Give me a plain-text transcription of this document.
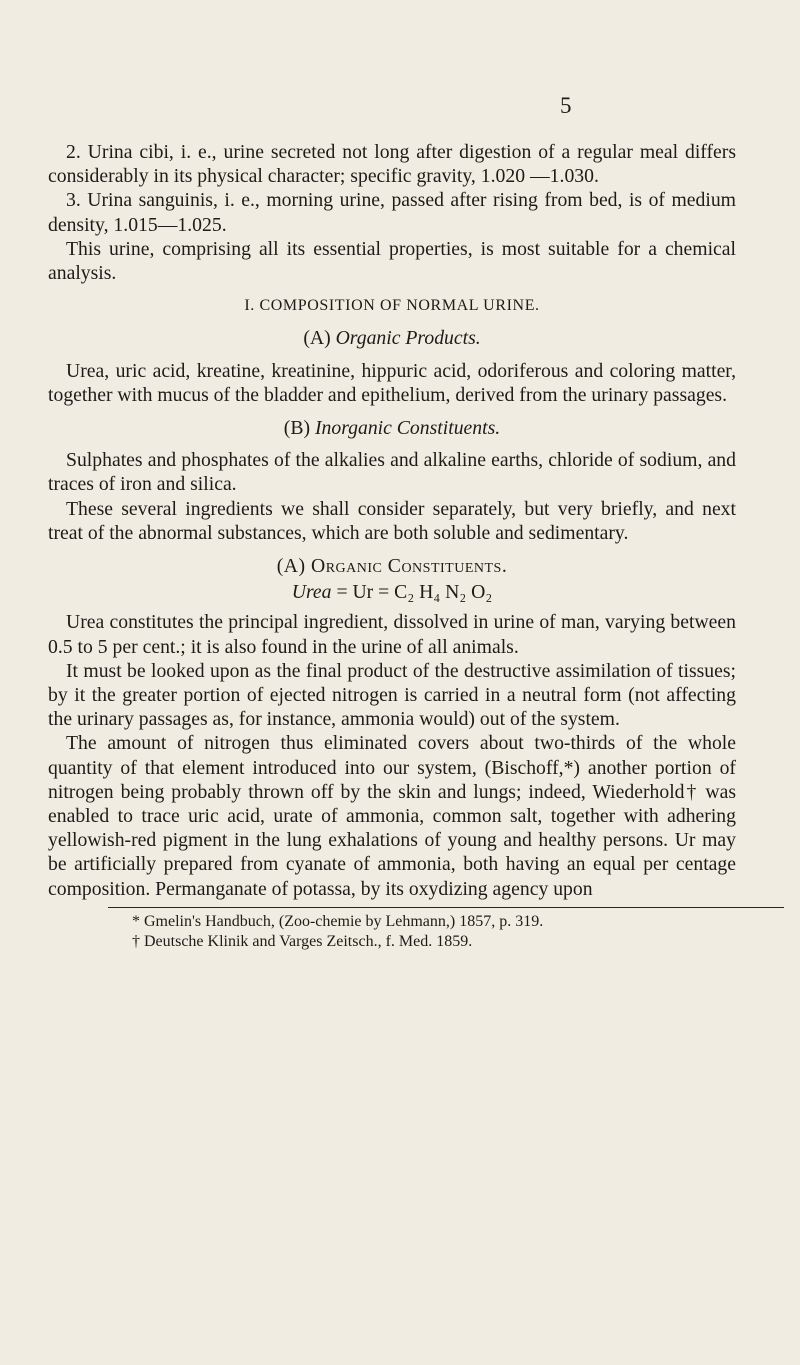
5

2. Urina cibi, i. e., urine secreted not long after digestion of a regular meal differs considerably in its physical character; specific gravity, 1.020 —1.030.

3. Urina sanguinis, i. e., morning urine, passed after rising from bed, is of medium density, 1.015—1.025.

This urine, comprising all its essential properties, is most suitable for a chemical analysis.

I. COMPOSITION OF NORMAL URINE.

(A) Organic Products.

Urea, uric acid, kreatine, kreatinine, hippuric acid, odoriferous and coloring matter, together with mucus of the bladder and epithelium, derived from the urinary passages.

(B) Inorganic Constituents.

Sulphates and phosphates of the alkalies and alkaline earths, chloride of sodium, and traces of iron and silica.

These several ingredients we shall consider separately, but very briefly, and next treat of the abnormal substances, which are both soluble and sedimentary.

(A) Organic Constituents.

Urea = Ur = C₂ H₄ N₂ O₂

Urea constitutes the principal ingredient, dissolved in urine of man, varying between 0.5 to 5 per cent.; it is also found in the urine of all animals.

It must be looked upon as the final product of the destructive assimilation of tissues; by it the greater portion of ejected nitrogen is carried in a neutral form (not affecting the urinary passages as, for instance, ammonia would) out of the system.

The amount of nitrogen thus eliminated covers about two-thirds of the whole quantity of that element introduced into our system, (Bischoff,*) another portion of nitrogen being probably thrown off by the skin and lungs; indeed, Wiederhold† was enabled to trace uric acid, urate of ammonia, common salt, together with adhering yellowish-red pigment in the lung exhalations of young and healthy persons. Ur may be artificially prepared from cyanate of ammonia, both having an equal per centage composition. Permanganate of potassa, by its oxydizing agency upon

* Gmelin's Handbuch, (Zoo-chemie by Lehmann,) 1857, p. 319.
† Deutsche Klinik and Varges Zeitsch., f. Med. 1859.
